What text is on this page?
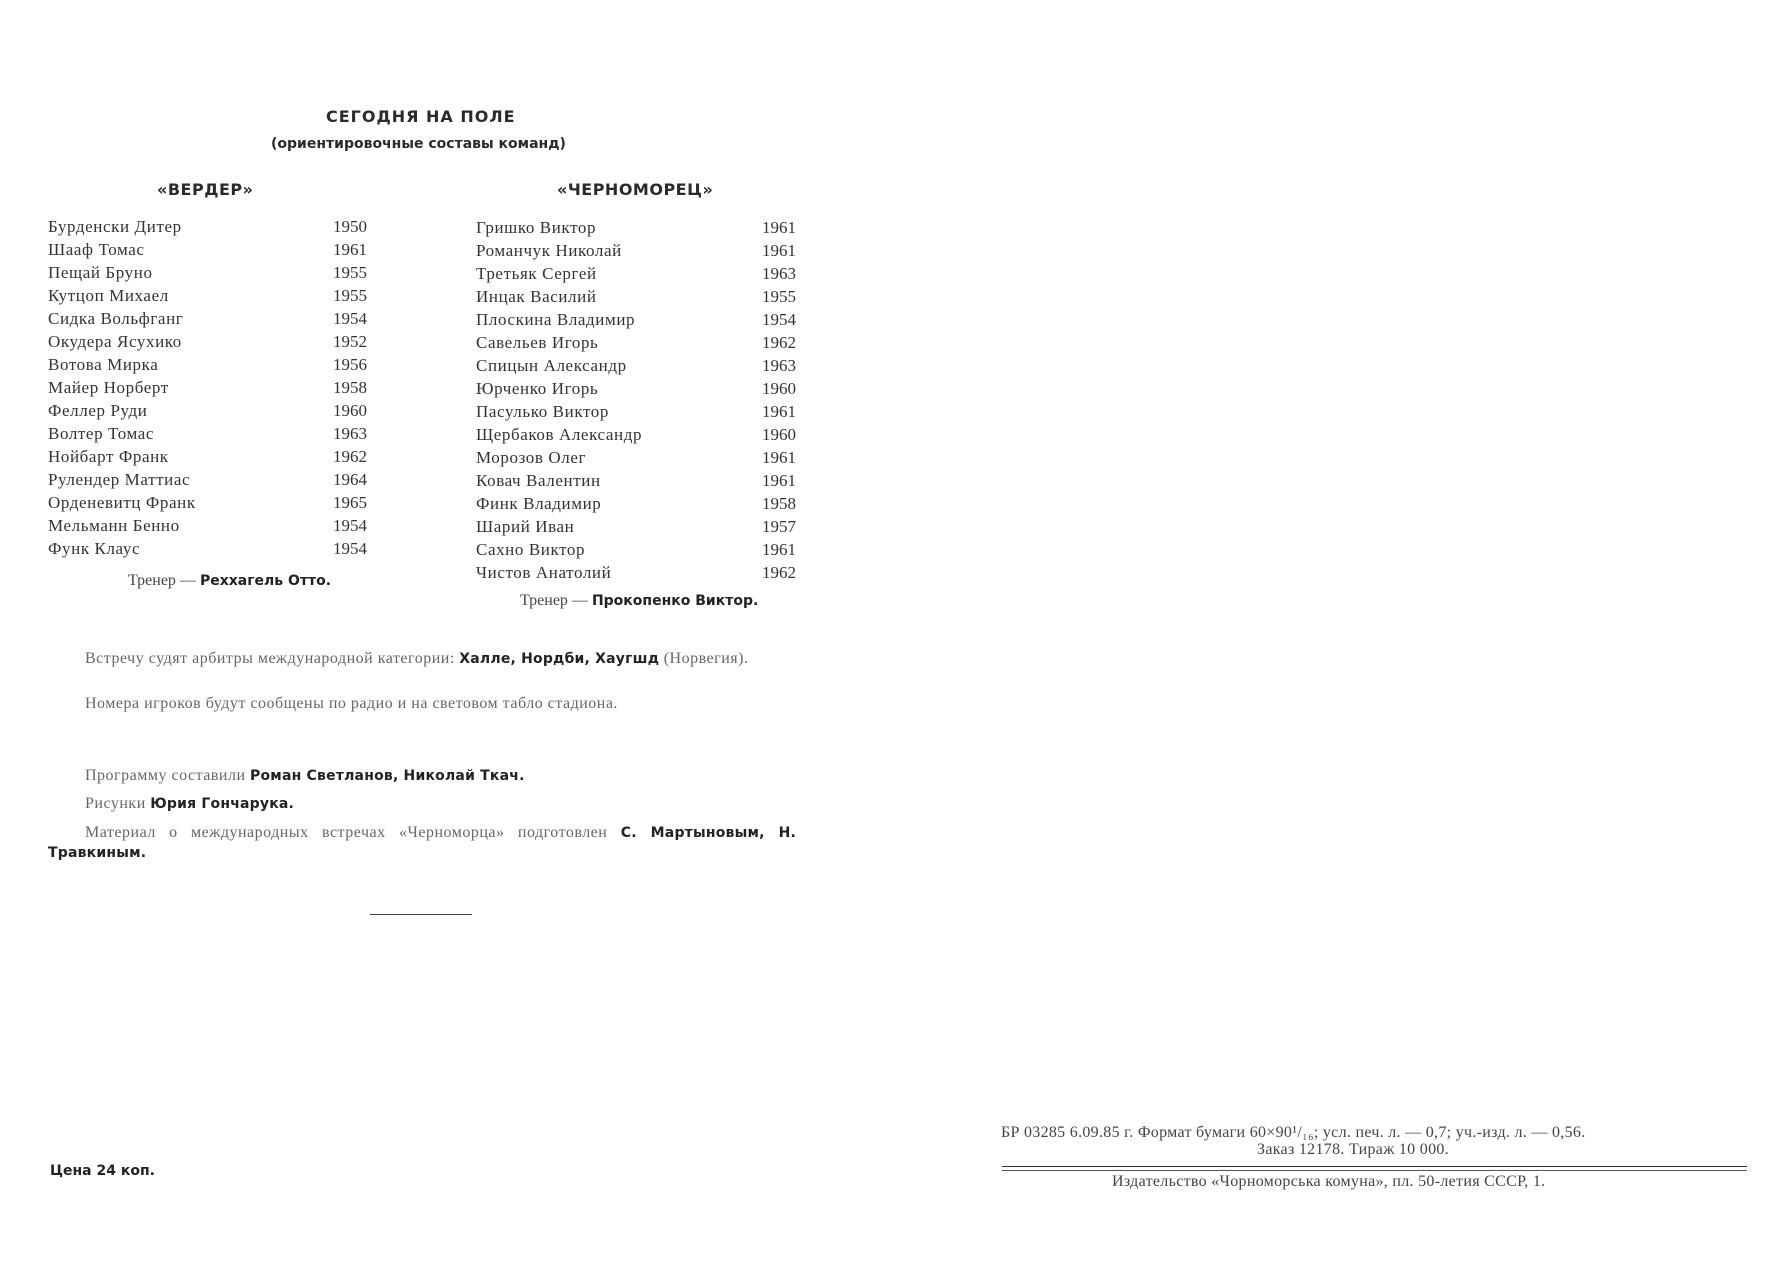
СЕГОДНЯ НА ПОЛЕ
(ориентировочные составы команд)
«ВЕРДЕР»	«ЧЕРНОМОРЕЦ»
Бурденски Дитер	1950
Шааф Томас	1961
Пещай Бруно	1955
Кутцоп Михаел	1955
Сидка Вольфганг	1954
Окудера Ясухико	1952
Вотова Мирка	1956
Майер Норберт	1958
Феллер Руди	1960
Волтер Томас	1963
Нойбарт Франк	1962
Рулендер Маттиас	1964
Орденевитц Франк	1965
Мельманн Бенно	1954
Функ Клаус	1954
Гришко Виктор	1961
Романчук Николай	1961
Третьяк Сергей	1963
Инцак Василий	1955
Плоскина Владимир	1954
Савельев Игорь	1962
Спицын Александр	1963
Юрченко Игорь	1960
Пасулько Виктор	1961
Щербаков Александр	1960
Морозов Олег	1961
Ковач Валентин	1961
Финк Владимир	1958
Шарий Иван	1957
Сахно Виктор	1961
Чистов Анатолий	1962
Тренер — Реххагель Отто.
Тренер — Прокопенко Виктор.
Встречу судят арбитры международной категории: Халле, Нордби, Хаугшд (Норвегия).
Номера игроков будут сообщены по радио и на световом табло стадиона.
Программу составили Роман Светланов, Николай Ткач.
Рисунки Юрия Гончарука.
Материал о международных встречах «Черноморца» подготовлен С. Мартыновым, Н. Травкиным.
Цена 24 коп.
БР 03285 6.09.85 г. Формат бумаги 60×90¹/₁₆; усл. печ. л. — 0,7; уч.-изд. л. — 0,56.
Заказ 12178. Тираж 10 000.
Издательство «Чорноморська комуна», пл. 50-летия СССР, 1.
